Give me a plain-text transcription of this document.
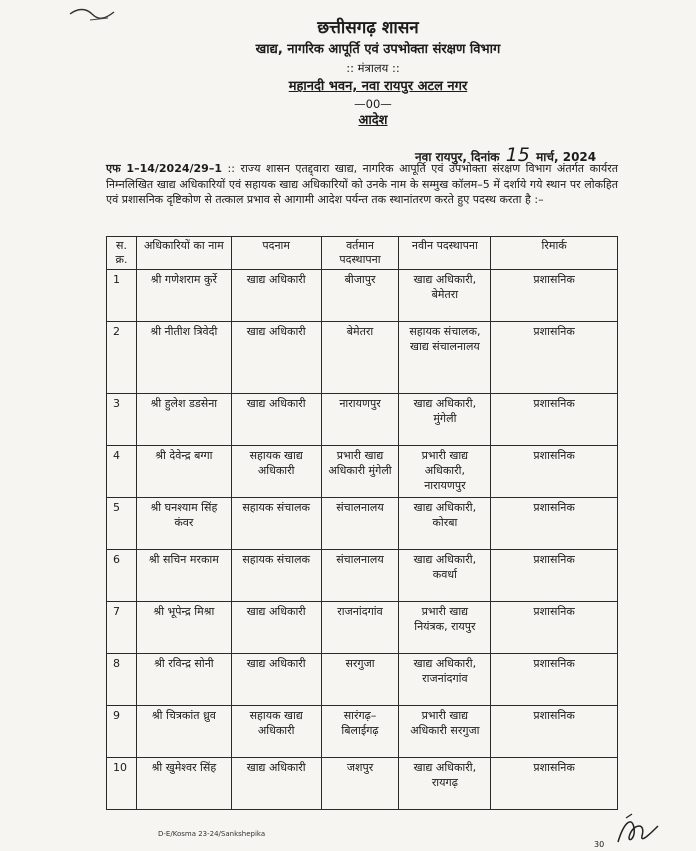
छत्तीसगढ़ शासन
खाद्य, नागरिक आपूर्ति एवं उपभोक्ता संरक्षण विभाग
:: मंत्रालय ::
महानदी भवन, नवा रायपुर अटल नगर
—00—
आदेश
नवा रायपुर, दिनांक 15 मार्च, 2024
एफ 1–14/2024/29–1 :: राज्य शासन एतद्द्वारा खाद्य, नागरिक आपूर्ति एवं उपभोक्ता संरक्षण विभाग अंतर्गत कार्यरत निम्नलिखित खाद्य अधिकारियों एवं सहायक खाद्य अधिकारियों को उनके नाम के सम्मुख कॉलम–5 में दर्शाये गये स्थान पर लोकहित एवं प्रशासनिक दृष्टिकोण से तत्काल प्रभाव से आगामी आदेश पर्यन्त तक स्थानांतरण करते हुए पदस्थ करता है :–
स. क्र.	अधिकारियों का नाम	पदनाम	वर्तमान पदस्थापना	नवीन पदस्थापना	रिमार्क
1	श्री गणेशराम कुर्रे	खाद्य अधिकारी	बीजापुर	खाद्य अधिकारी, बेमेतरा	प्रशासनिक
2	श्री नीतीश त्रिवेदी	खाद्य अधिकारी	बेमेतरा	सहायक संचालक, खाद्य संचालनालय	प्रशासनिक
3	श्री हुलेश डडसेना	खाद्य अधिकारी	नारायणपुर	खाद्य अधिकारी, मुंगेली	प्रशासनिक
4	श्री देवेन्द्र बग्गा	सहायक खाद्य अधिकारी	प्रभारी खाद्य अधिकारी मुंगेली	प्रभारी खाद्य अधिकारी, नारायणपुर	प्रशासनिक
5	श्री घनश्याम सिंह कंवर	सहायक संचालक	संचालनालय	खाद्य अधिकारी, कोरबा	प्रशासनिक
6	श्री सचिन मरकाम	सहायक संचालक	संचालनालय	खाद्य अधिकारी, कवर्धा	प्रशासनिक
7	श्री भूपेन्द्र मिश्रा	खाद्य अधिकारी	राजनांदगांव	प्रभारी खाद्य नियंत्रक, रायपुर	प्रशासनिक
8	श्री रविन्द्र सोनी	खाद्य अधिकारी	सरगुजा	खाद्य अधिकारी, राजनांदगांव	प्रशासनिक
9	श्री चित्रकांत ध्रुव	सहायक खाद्य अधिकारी	सारंगढ़– बिलाईगढ़	प्रभारी खाद्य अधिकारी सरगुजा	प्रशासनिक
10	श्री खुमेश्वर सिंह	खाद्य अधिकारी	जशपुर	खाद्य अधिकारी, रायगढ़	प्रशासनिक
D-E/Kosma 23-24/Sankshepika
30
